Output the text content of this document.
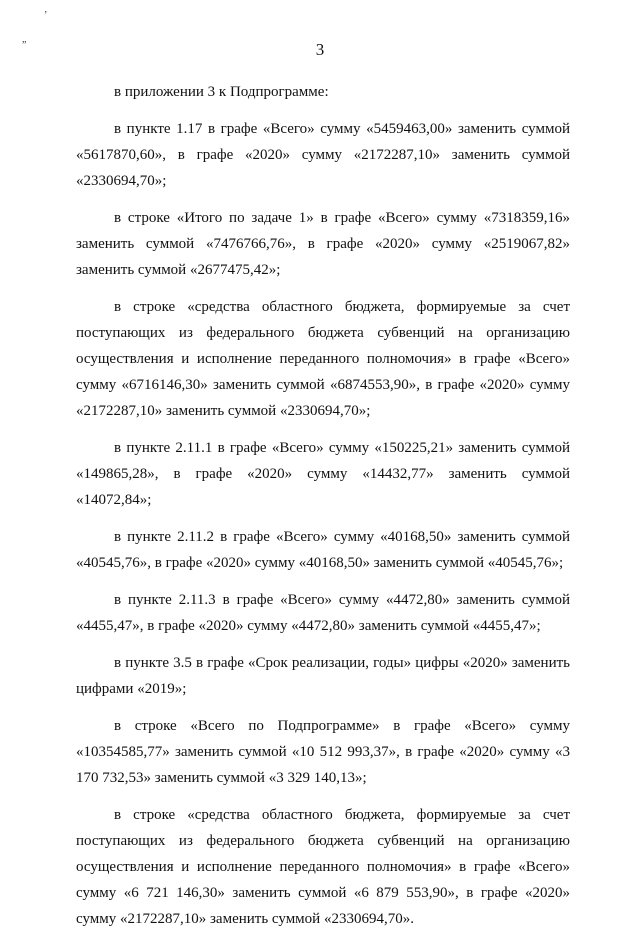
„
’
3

в приложении 3 к Подпрограмме:

в пункте 1.17 в графе «Всего» сумму «5459463,00» заменить суммой «5617870,60», в графе «2020» сумму «2172287,10» заменить суммой «2330694,70»;

в строке «Итого по задаче 1» в графе «Всего» сумму «7318359,16» заменить суммой «7476766,76», в графе «2020» сумму «2519067,82» заменить суммой «2677475,42»;

в строке «средства областного бюджета, формируемые за счет поступающих из федерального бюджета субвенций на организацию осуществления и исполнение переданного полномочия» в графе «Всего» сумму «6716146,30» заменить суммой «6874553,90», в графе «2020» сумму «2172287,10» заменить суммой «2330694,70»;

в пункте 2.11.1 в графе «Всего» сумму «150225,21» заменить суммой «149865,28», в графе «2020» сумму «14432,77» заменить суммой «14072,84»;

в пункте 2.11.2 в графе «Всего» сумму «40168,50» заменить суммой «40545,76», в графе «2020» сумму «40168,50» заменить суммой «40545,76»;

в пункте 2.11.3 в графе «Всего» сумму «4472,80» заменить суммой «4455,47», в графе «2020» сумму «4472,80» заменить суммой «4455,47»;

в пункте 3.5 в графе «Срок реализации, годы» цифры «2020» заменить цифрами «2019»;

в строке «Всего по Подпрограмме» в графе «Всего» сумму «10354585,77» заменить суммой «10 512 993,37», в графе «2020» сумму «3 170 732,53» заменить суммой «3 329 140,13»;

в строке «средства областного бюджета, формируемые за счет поступающих из федерального бюджета субвенций на организацию осуществления и исполнение переданного полномочия» в графе «Всего» сумму «6 721 146,30» заменить суммой «6 879 553,90», в графе «2020» сумму «2172287,10» заменить суммой «2330694,70».
